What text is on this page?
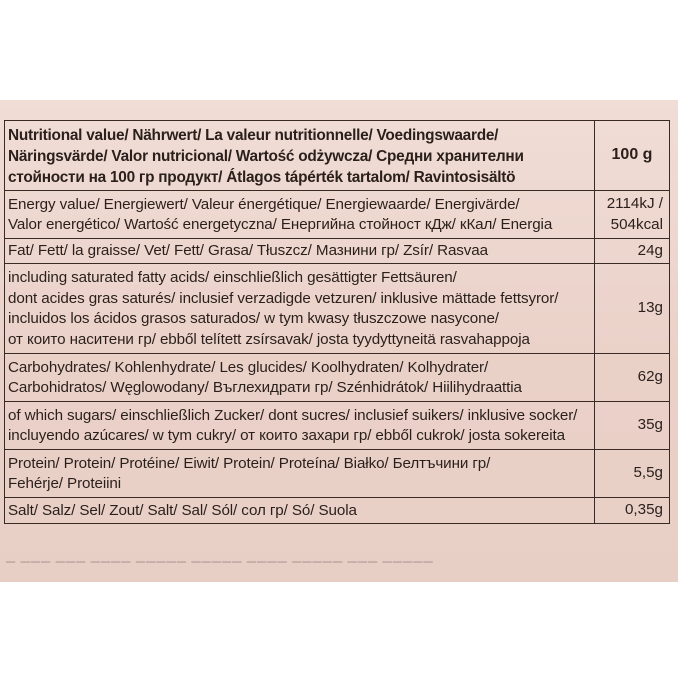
Nutritional value/ Nährwert/ La valeur nutritionnelle/ Voedingswaarde/
Näringsvärde/ Valor nutricional/ Wartość odżywcza/ Средни хранителни
стойности на 100 гр продукт/ Átlagos tápérték tartalom/ Ravintosisältö	100 g
Energy value/ Energiewert/ Valeur énergétique/ Energiewaarde/ Energivärde/
Valor energético/ Wartość energetyczna/ Енергийна стойност кДж/ кКал/ Energia	2114kJ /
504kcal
Fat/ Fett/ la graisse/ Vet/ Fett/ Grasa/ Tłuszcz/ Мазнини гр/ Zsír/ Rasvaa	24g
including saturated fatty acids/ einschließlich gesättigter Fettsäuren/
dont acides gras saturés/ inclusief verzadigde vetzuren/ inklusive mättade fettsyror/
incluidos los ácidos grasos saturados/ w tym kwasy tłuszczowe nasycone/
от които наситени гр/ ebből telített zsírsavak/ josta tyydyttyneitä rasvahappoja	13g
Carbohydrates/ Kohlenhydrate/ Les glucides/ Koolhydraten/ Kolhydrater/
Carbohidratos/ Węglowodany/ Въглехидрати гр/ Szénhidrátok/ Hiilihydraattia	62g
of which sugars/ einschließlich Zucker/ dont sucres/ inclusief suikers/ inklusive socker/
incluyendo azúcares/ w tym cukry/ от които захари гр/ ebből cukrok/ josta sokereita	35g
Protein/ Protein/ Protéine/ Eiwit/ Protein/ Proteína/ Białko/ Белтъчини гр/
Fehérje/ Proteiini	5,5g
Salt/ Salz/ Sel/ Zout/ Salt/ Sal/ Sól/ сол гр/ Só/ Suola	0,35g
▁ ▁▁▁ ▁▁▁ ▁▁▁▁ ▁▁▁▁▁ ▁▁▁▁▁ ▁▁▁▁ ▁▁▁▁▁ ▁▁▁ ▁▁▁▁▁
